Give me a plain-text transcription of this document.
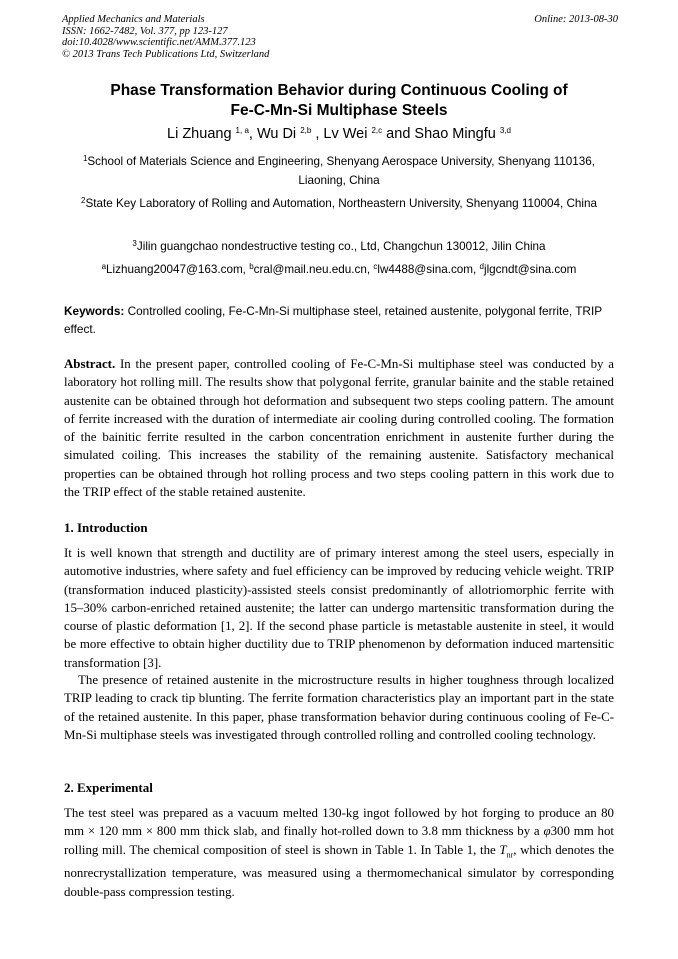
Applied Mechanics and Materials
ISSN: 1662-7482, Vol. 377, pp 123-127
doi:10.4028/www.scientific.net/AMM.377.123
© 2013 Trans Tech Publications Ltd, Switzerland
Online: 2013-08-30
Phase Transformation Behavior during Continuous Cooling of
Fe-C-Mn-Si Multiphase Steels
Li Zhuang $^{1, a}$, Wu Di $^{2,b}$ , Lv Wei $^{2,c}$ and Shao Mingfu $^{3,d}$
$^1$School of Materials Science and Engineering, Shenyang Aerospace University, Shenyang 110136, Liaoning, China
$^2$State Key Laboratory of Rolling and Automation, Northeastern University, Shenyang 110004, China
$^3$Jilin guangchao nondestructive testing co., Ltd, Changchun 130012, Jilin China
$^a$Lizhuang20047@163.com, $^b$cral@mail.neu.edu.cn, $^c$lw4488@sina.com, $^d$jlgcndt@sina.com
Keywords: Controlled cooling, Fe-C-Mn-Si multiphase steel, retained austenite, polygonal ferrite, TRIP effect.
Abstract. In the present paper, controlled cooling of Fe-C-Mn-Si multiphase steel was conducted by a laboratory hot rolling mill. The results show that polygonal ferrite, granular bainite and the stable retained austenite can be obtained through hot deformation and subsequent two steps cooling pattern. The amount of ferrite increased with the duration of intermediate air cooling during controlled cooling. The formation of the bainitic ferrite resulted in the carbon concentration enrichment in austenite further during the simulated coiling. This increases the stability of the remaining austenite. Satisfactory mechanical properties can be obtained through hot rolling process and two steps cooling pattern in this work due to the TRIP effect of the stable retained austenite.
1. Introduction
It is well known that strength and ductility are of primary interest among the steel users, especially in automotive industries, where safety and fuel efficiency can be improved by reducing vehicle weight. TRIP (transformation induced plasticity)-assisted steels consist predominantly of allotriomorphic ferrite with 15–30% carbon-enriched retained austenite; the latter can undergo martensitic transformation during the course of plastic deformation [1, 2]. If the second phase particle is metastable austenite in steel, it would be more effective to obtain higher ductility due to TRIP phenomenon by deformation induced martensitic transformation [3].
The presence of retained austenite in the microstructure results in higher toughness through localized TRIP leading to crack tip blunting. The ferrite formation characteristics play an important part in the state of the retained austenite. In this paper, phase transformation behavior during continuous cooling of Fe-C-Mn-Si multiphase steels was investigated through controlled rolling and controlled cooling technology.
2. Experimental
The test steel was prepared as a vacuum melted 130-kg ingot followed by hot forging to produce an 80 mm × 120 mm × 800 mm thick slab, and finally hot-rolled down to 3.8 mm thickness by a φ300 mm hot rolling mill. The chemical composition of steel is shown in Table 1. In Table 1, the $T_{nr}$, which denotes the nonrecrystallization temperature, was measured using a thermomechanical simulator by corresponding double-pass compression testing.
